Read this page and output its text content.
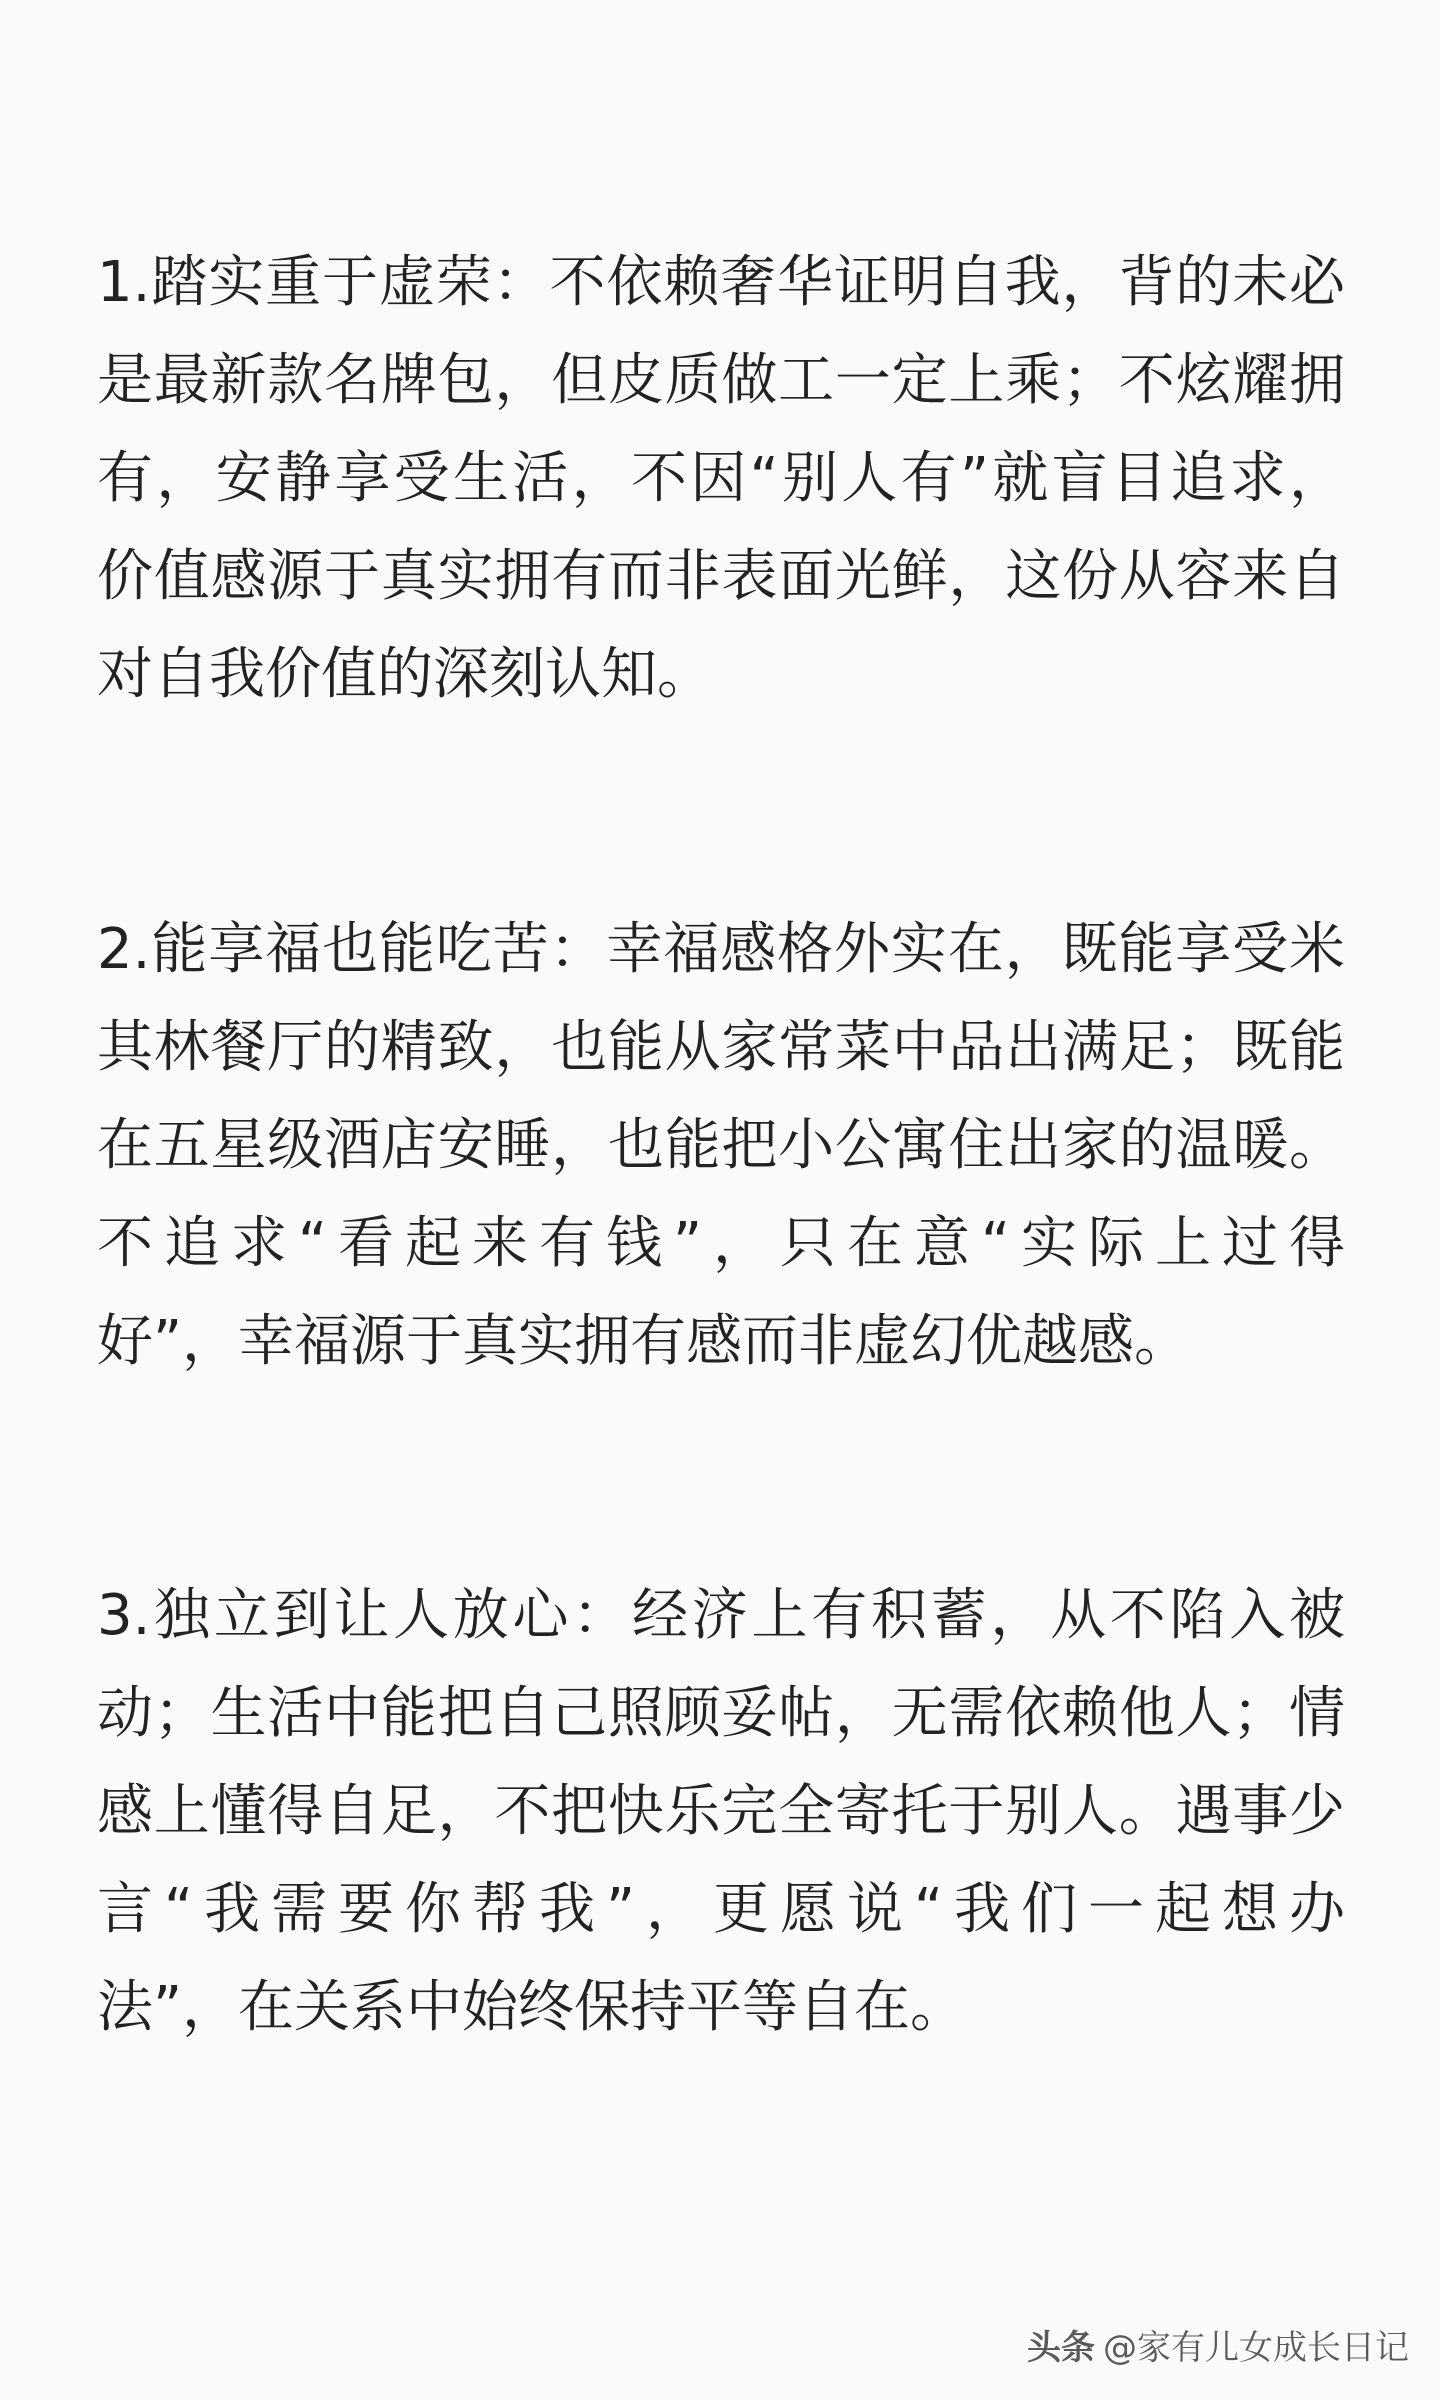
1.踏实重于虚荣：不依赖奢华证明自我，背的未必
是最新款名牌包，但皮质做工一定上乘；不炫耀拥
有，安静享受生活，不因“别人有”就盲目追求，
价值感源于真实拥有而非表面光鲜，这份从容来自
对自我价值的深刻认知。
2.能享福也能吃苦：幸福感格外实在，既能享受米
其林餐厅的精致，也能从家常菜中品出满足；既能
在五星级酒店安睡，也能把小公寓住出家的温暖。
不追求“看起来有钱”，只在意“实际上过得
好”，幸福源于真实拥有感而非虚幻优越感。
3.独立到让人放心：经济上有积蓄，从不陷入被
动；生活中能把自己照顾妥帖，无需依赖他人；情
感上懂得自足，不把快乐完全寄托于别人。遇事少
言“我需要你帮我”，更愿说“我们一起想办
法”，在关系中始终保持平等自在。
头条 @家有儿女成长日记
